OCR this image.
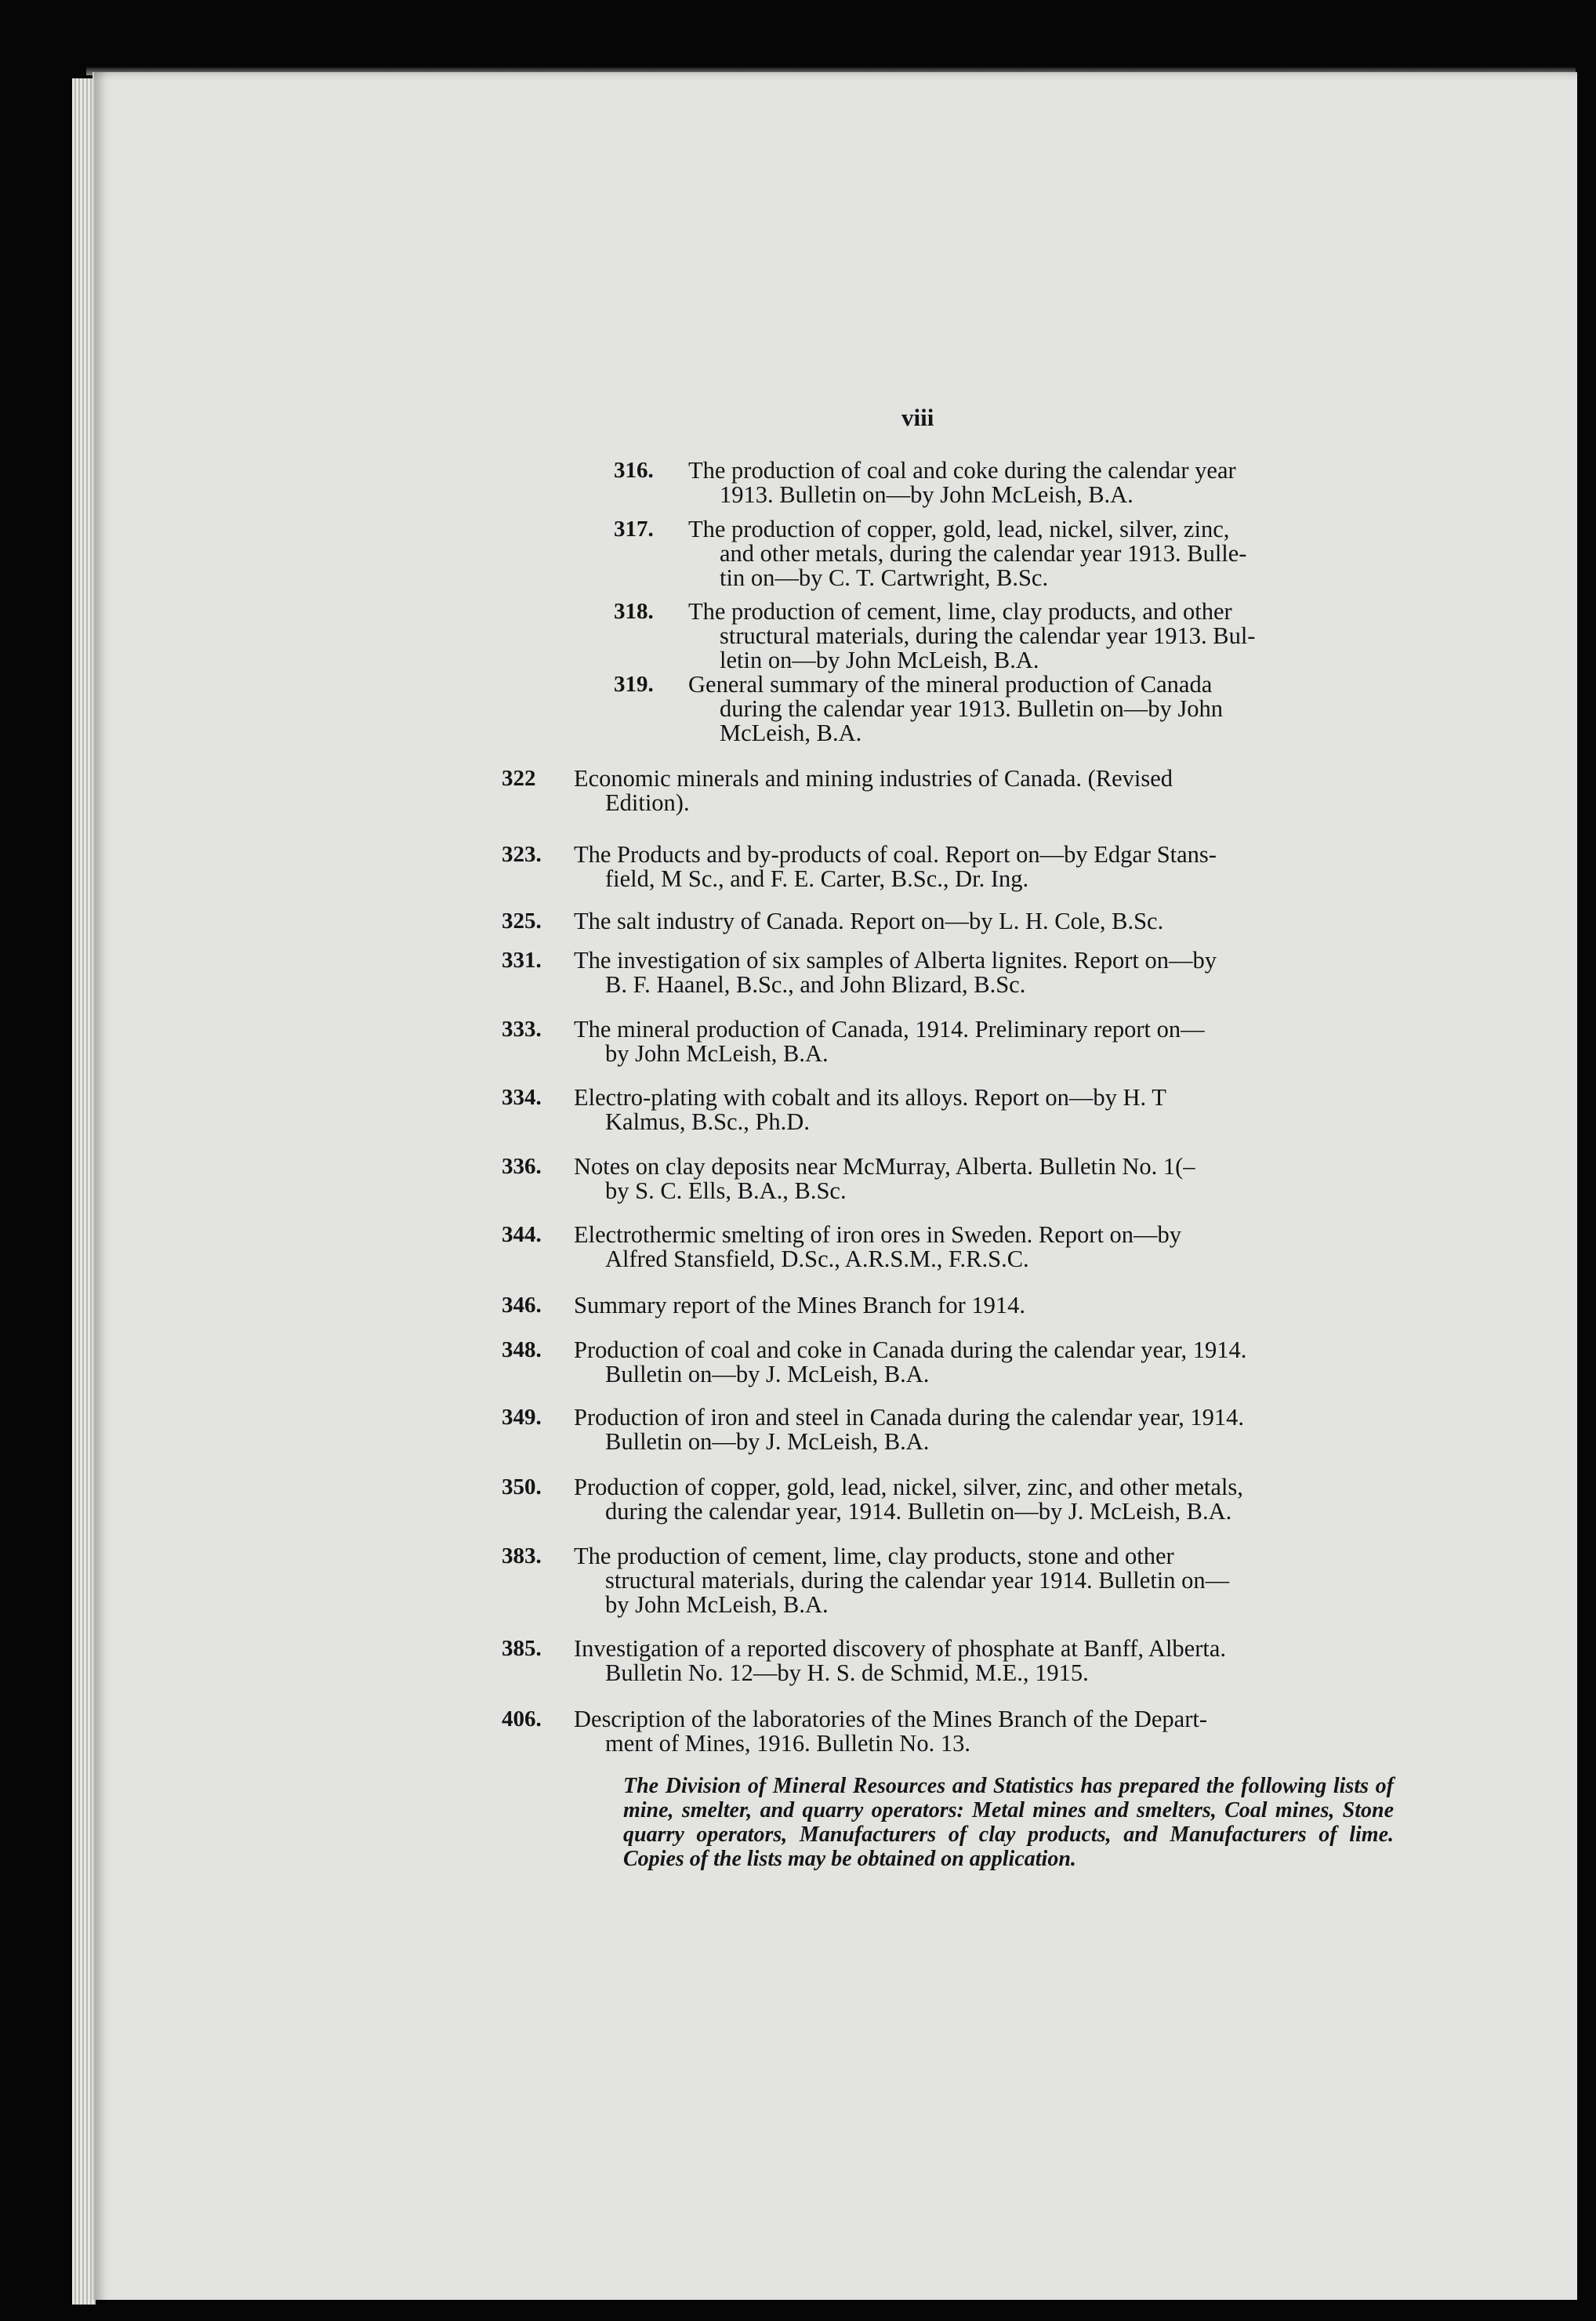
viii
316. The production of coal and coke during the calendar year
1913. Bulletin on—by John McLeish, B.A.
317. The production of copper, gold, lead, nickel, silver, zinc,
and other metals, during the calendar year 1913. Bulle-
tin on—by C. T. Cartwright, B.Sc.
318. The production of cement, lime, clay products, and other
structural materials, during the calendar year 1913. Bul-
letin on—by John McLeish, B.A.
319. General summary of the mineral production of Canada
during the calendar year 1913. Bulletin on—by John
McLeish, B.A.
322 Economic minerals and mining industries of Canada. (Revised
Edition).
323. The Products and by-products of coal. Report on—by Edgar Stans-
field, M Sc., and F. E. Carter, B.Sc., Dr. Ing.
325. The salt industry of Canada. Report on—by L. H. Cole, B.Sc.
331. The investigation of six samples of Alberta lignites. Report on—by
B. F. Haanel, B.Sc., and John Blizard, B.Sc.
333. The mineral production of Canada, 1914. Preliminary report on—
by John McLeish, B.A.
334. Electro-plating with cobalt and its alloys. Report on—by H. T
Kalmus, B.Sc., Ph.D.
336. Notes on clay deposits near McMurray, Alberta. Bulletin No. 1(–
by S. C. Ells, B.A., B.Sc.
344. Electrothermic smelting of iron ores in Sweden. Report on—by
Alfred Stansfield, D.Sc., A.R.S.M., F.R.S.C.
346. Summary report of the Mines Branch for 1914.
348. Production of coal and coke in Canada during the calendar year, 1914.
Bulletin on—by J. McLeish, B.A.
349. Production of iron and steel in Canada during the calendar year, 1914.
Bulletin on—by J. McLeish, B.A.
350. Production of copper, gold, lead, nickel, silver, zinc, and other metals,
during the calendar year, 1914. Bulletin on—by J. McLeish, B.A.
383. The production of cement, lime, clay products, stone and other
structural materials, during the calendar year 1914. Bulletin on—
by John McLeish, B.A.
385. Investigation of a reported discovery of phosphate at Banff, Alberta.
Bulletin No. 12—by H. S. de Schmid, M.E., 1915.
406. Description of the laboratories of the Mines Branch of the Depart-
ment of Mines, 1916. Bulletin No. 13.
The Division of Mineral Resources and Statistics has prepared the following lists of mine, smelter, and quarry operators: Metal mines and smelters, Coal mines, Stone quarry operators, Manufacturers of clay products, and Manufacturers of lime. Copies of the lists may be obtained on application.
